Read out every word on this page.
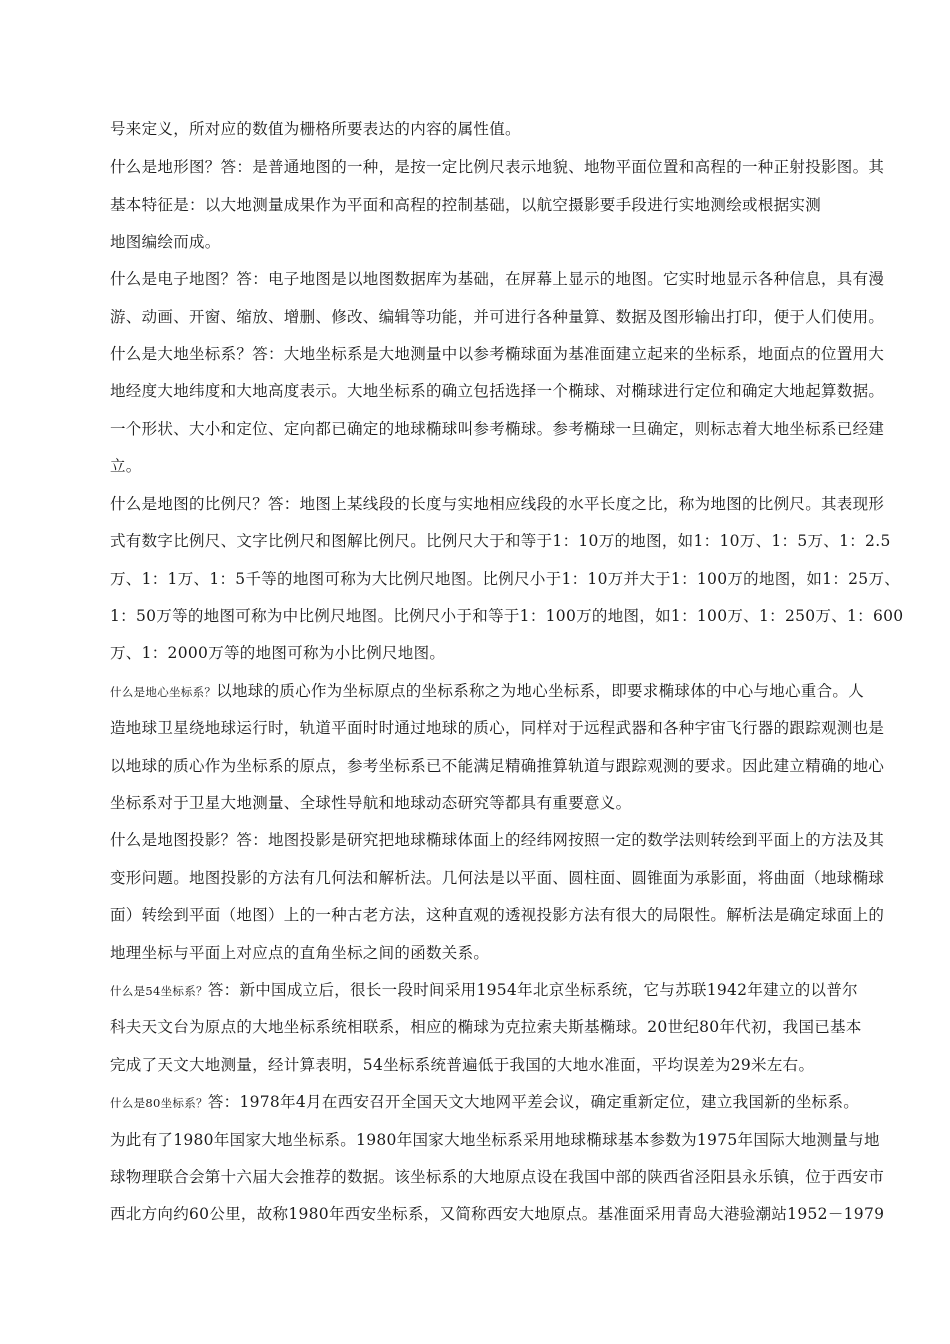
号来定义，所对应的数值为栅格所要表达的内容的属性值。
什么是地形图？答：是普通地图的一种，是按一定比例尺表示地貌、地物平面位置和高程的一种正射投影图。其
基本特征是：以大地测量成果作为平面和高程的控制基础，以航空摄影要手段进行实地测绘或根据实测
地图编绘而成。
什么是电子地图？答：电子地图是以地图数据库为基础，在屏幕上显示的地图。它实时地显示各种信息，具有漫
游、动画、开窗、缩放、增删、修改、编辑等功能，并可进行各种量算、数据及图形输出打印，便于人们使用。
什么是大地坐标系？答：大地坐标系是大地测量中以参考椭球面为基准面建立起来的坐标系，地面点的位置用大
地经度大地纬度和大地高度表示。大地坐标系的确立包括选择一个椭球、对椭球进行定位和确定大地起算数据。
一个形状、大小和定位、定向都已确定的地球椭球叫参考椭球。参考椭球一旦确定，则标志着大地坐标系已经建
立。
什么是地图的比例尺？答：地图上某线段的长度与实地相应线段的水平长度之比，称为地图的比例尺。其表现形
式有数字比例尺、文字比例尺和图解比例尺。比例尺大于和等于1：10万的地图，如1：10万、1：5万、1：2.5
万、1：1万、1：5千等的地图可称为大比例尺地图。比例尺小于1：10万并大于1：100万的地图，如1：25万、
1：50万等的地图可称为中比例尺地图。比例尺小于和等于1：100万的地图，如1：100万、1：250万、1：600
万、1：2000万等的地图可称为小比例尺地图。
什么是地心坐标系？以地球的质心作为坐标原点的坐标系称之为地心坐标系，即要求椭球体的中心与地心重合。人
造地球卫星绕地球运行时，轨道平面时时通过地球的质心，同样对于远程武器和各种宇宙飞行器的跟踪观测也是
以地球的质心作为坐标系的原点，参考坐标系已不能满足精确推算轨道与跟踪观测的要求。因此建立精确的地心
坐标系对于卫星大地测量、全球性导航和地球动态研究等都具有重要意义。
什么是地图投影？答：地图投影是研究把地球椭球体面上的经纬网按照一定的数学法则转绘到平面上的方法及其
变形问题。地图投影的方法有几何法和解析法。几何法是以平面、圆柱面、圆锥面为承影面，将曲面（地球椭球
面）转绘到平面（地图）上的一种古老方法，这种直观的透视投影方法有很大的局限性。解析法是确定球面上的
地理坐标与平面上对应点的直角坐标之间的函数关系。
什么是54坐标系？答：新中国成立后，很长一段时间采用1954年北京坐标系统，它与苏联1942年建立的以普尔
科夫天文台为原点的大地坐标系统相联系，相应的椭球为克拉索夫斯基椭球。20世纪80年代初，我国已基本
完成了天文大地测量，经计算表明，54坐标系统普遍低于我国的大地水准面，平均误差为29米左右。
什么是80坐标系？答：1978年4月在西安召开全国天文大地网平差会议，确定重新定位，建立我国新的坐标系。
为此有了1980年国家大地坐标系。1980年国家大地坐标系采用地球椭球基本参数为1975年国际大地测量与地
球物理联合会第十六届大会推荐的数据。该坐标系的大地原点设在我国中部的陕西省泾阳县永乐镇，位于西安市
西北方向约60公里，故称1980年西安坐标系，又简称西安大地原点。基准面采用青岛大港验潮站1952－1979
